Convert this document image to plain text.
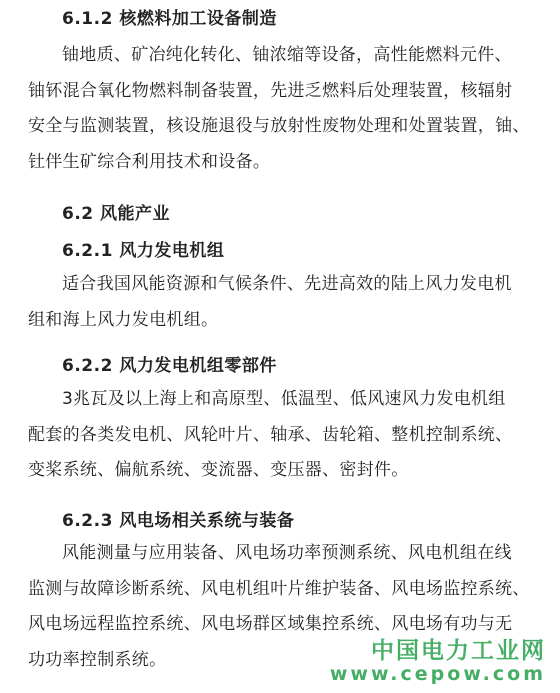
6.1.2 核燃料加工设备制造
铀地质、矿冶纯化转化、铀浓缩等设备，高性能燃料元件、
铀钚混合氧化物燃料制备装置，先进乏燃料后处理装置，核辐射
安全与监测装置，核设施退役与放射性废物处理和处置装置，铀、
钍伴生矿综合利用技术和设备。
6.2 风能产业
6.2.1 风力发电机组
适合我国风能资源和气候条件、先进高效的陆上风力发电机
组和海上风力发电机组。
6.2.2 风力发电机组零部件
3兆瓦及以上海上和高原型、低温型、低风速风力发电机组
配套的各类发电机、风轮叶片、轴承、齿轮箱、整机控制系统、
变桨系统、偏航系统、变流器、变压器、密封件。
6.2.3 风电场相关系统与装备
风能测量与应用装备、风电场功率预测系统、风电机组在线
监测与故障诊断系统、风电机组叶片维护装备、风电场监控系统、
风电场远程监控系统、风电场群区域集控系统、风电场有功与无
功功率控制系统。	中国电力工业网
www.cepow.com
